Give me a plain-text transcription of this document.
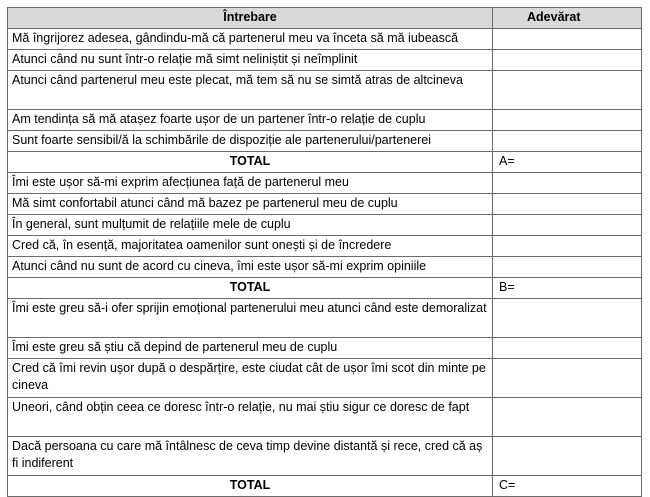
Întrebare	Adevărat
Mă îngrijorez adesea, gândindu-mă că partenerul meu va înceta să mă iubească	
Atunci când nu sunt într-o relație mă simt neliniștit și neîmplinit	
Atunci când partenerul meu este plecat, mă tem să nu se simtă atras de altcineva	
Am tendința să mă atașez foarte ușor de un partener într-o relație de cuplu	
Sunt foarte sensibil/ă la schimbările de dispoziție ale partenerului/partenerei	
TOTAL	A=
Îmi este ușor să-mi exprim afecțiunea față de partenerul meu	
Mă simt confortabil atunci când mă bazez pe partenerul meu de cuplu	
În general, sunt mulțumit de relațiile mele de cuplu	
Cred că, în esență, majoritatea oamenilor sunt onești și de încredere	
Atunci când nu sunt de acord cu cineva, îmi este ușor să-mi exprim opiniile	
TOTAL	B=
Îmi este greu să-i ofer sprijin emoțional partenerului meu atunci când este demoralizat	
Îmi este greu să știu că depind de partenerul meu de cuplu	
Cred că îmi revin ușor după o despărțire, este ciudat cât de ușor îmi scot din minte pe cineva	
Uneori, când obțin ceea ce doresc într-o relație, nu mai știu sigur ce doresc de fapt	
Dacă persoana cu care mă întâlnesc de ceva timp devine distantă și rece, cred că aș fi indiferent	
TOTAL	C=
